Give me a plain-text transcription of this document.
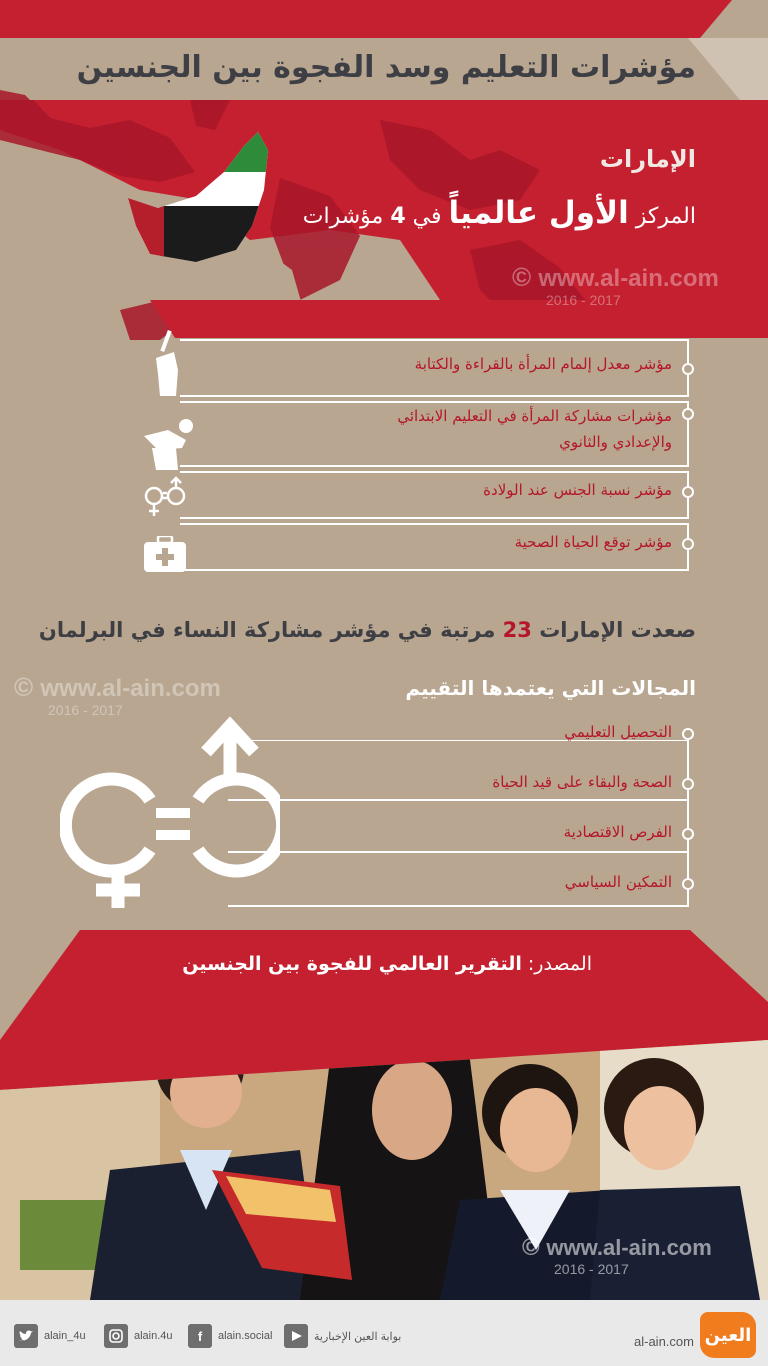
مؤشرات التعليم وسد الفجوة بين الجنسين
الإمارات
المركز الأول عالمياً في 4 مؤشرات
© www.al-ain.com
2016 - 2017
مؤشر معدل إلمام المرأة بالقراءة والكتابة
مؤشرات مشاركة المرأة في التعليم الابتدائي
والإعدادي والثانوي
مؤشر نسبة الجنس عند الولادة
مؤشر توقع الحياة الصحية
صعدت الإمارات 23 مرتبة في مؤشر مشاركة النساء في البرلمان
© www.al-ain.com
2016 - 2017
المجالات التي يعتمدها التقييم
التحصيل التعليمي
الصحة والبقاء على قيد الحياة
الفرص الاقتصادية
التمكين السياسي
المصدر: التقرير العالمي للفجوة بين الجنسين
© www.al-ain.com
2016 - 2017
alain_4u	alain.4u	f	alain.social	بوابة العين الإخبارية	al-ain.com العين
